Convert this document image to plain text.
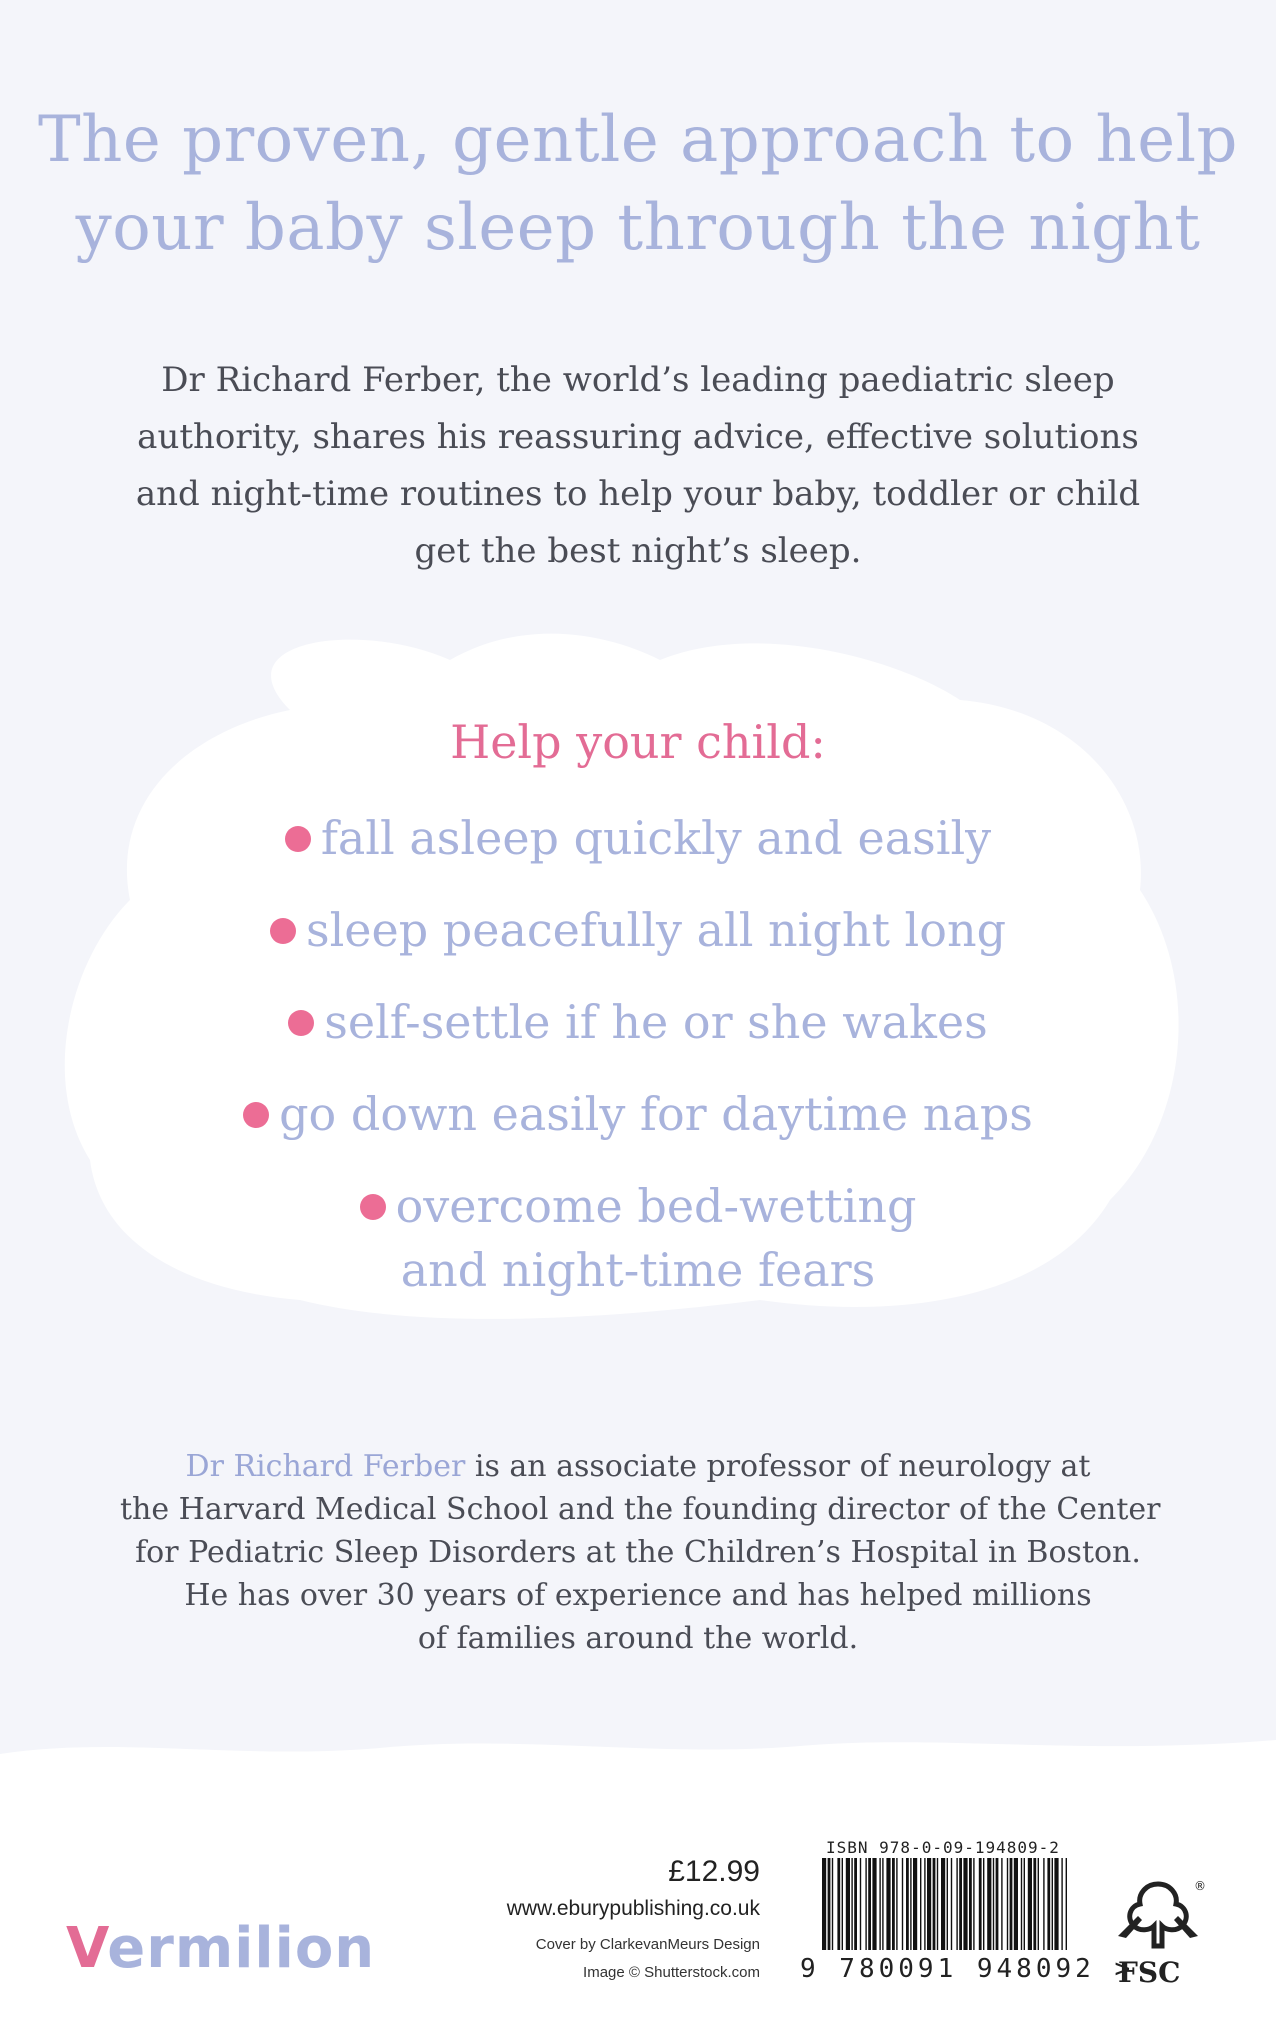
The proven, gentle approach to help
your baby sleep through the night
Dr Richard Ferber, the world’s leading paediatric sleep
authority, shares his reassuring advice, effective solutions
and night-time routines to help your baby, toddler or child
get the best night’s sleep.
Help your child:
fall asleep quickly and easily
sleep peacefully all night long
self-settle if he or she wakes
go down easily for daytime naps
overcome bed-wetting
and night-time fears
Dr Richard Ferber is an associate professor of neurology at
the Harvard Medical School and the founding director of the Center
for Pediatric Sleep Disorders at the Children’s Hospital in Boston.
He has over 30 years of experience and has helped millions
of families around the world.
Vermilion
£12.99
www.eburypublishing.co.uk
Cover by ClarkevanMeurs Design
Image © Shutterstock.com
ISBN 978-0-09-194809-2
9 780091 948092 >
®
FSC
